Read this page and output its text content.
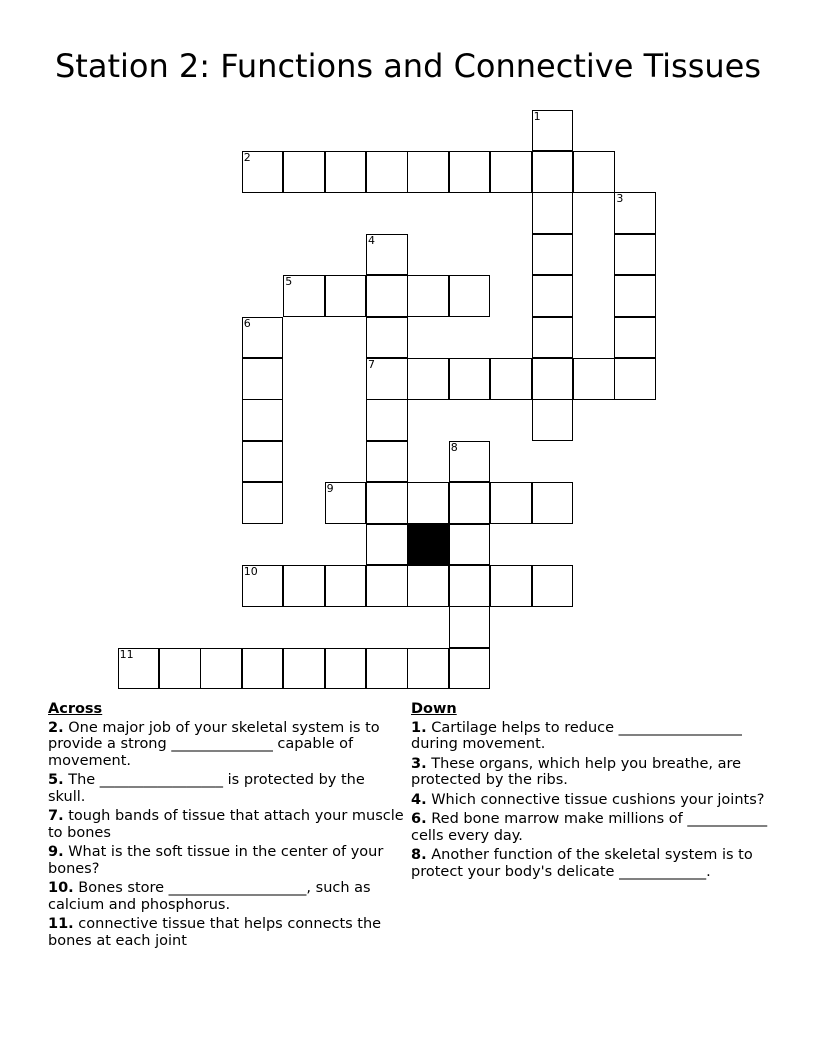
Station 2: Functions and Connective Tissues
2
5
7
9
10
11
1
3
4
6
8
Across
2. One major job of your skeletal system is to provide a strong ______________ capable of movement.
5. The _________________ is protected by the skull.
7. tough bands of tissue that attach your muscle to bones
9. What is the soft tissue in the center of your bones?
10. Bones store ___________________, such as calcium and phosphorus.
11. connective tissue that helps connects the bones at each joint
Down
1. Cartilage helps to reduce _________________ during movement.
3. These organs, which help you breathe, are protected by the ribs.
4. Which connective tissue cushions your joints?
6. Red bone marrow make millions of ___________ cells every day.
8. Another function of the skeletal system is to protect your body's delicate ____________.
